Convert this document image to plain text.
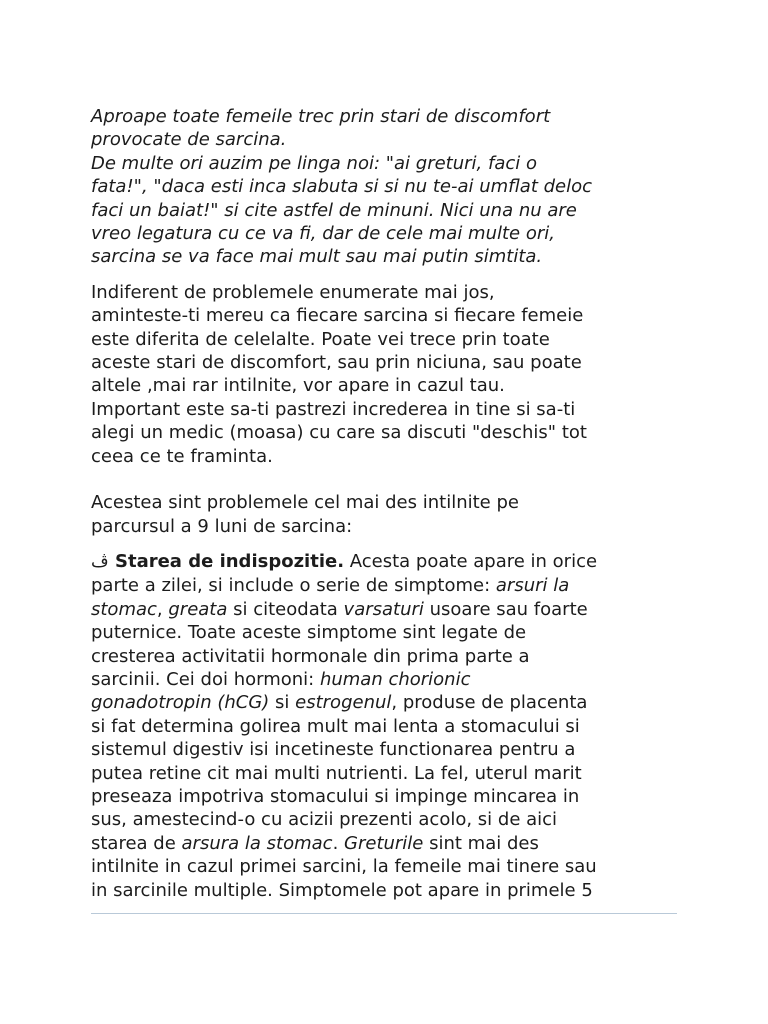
Aproape toate femeile trec prin stari de discomfort
provocate de sarcina.
De multe ori auzim pe linga noi: "ai greturi, faci o
fata!", "daca esti inca slabuta si si nu te-ai umflat deloc
faci un baiat!" si cite astfel de minuni. Nici una nu are
vreo legatura cu ce va fi, dar de cele mai multe ori,
sarcina se va face mai mult sau mai putin simtita.

Indiferent de problemele enumerate mai jos,
aminteste-ti mereu ca fiecare sarcina si fiecare femeie
este diferita de celelalte. Poate vei trece prin toate
aceste stari de discomfort, sau prin niciuna, sau poate
altele ,mai rar intilnite, vor apare in cazul tau.
Important este sa-ti pastrezi increderea in tine si sa-ti
alegi un medic (moasa) cu care sa discuti "deschis" tot
ceea ce te framinta.

Acestea sint problemele cel mai des intilnite pe
parcursul a 9 luni de sarcina:

ڤ Starea de indispozitie. Acesta poate apare in orice
parte a zilei, si include o serie de simptome: arsuri la
stomac, greata si citeodata varsaturi usoare sau foarte
puternice. Toate aceste simptome sint legate de
cresterea activitatii hormonale din prima parte a
sarcinii. Cei doi hormoni: human chorionic
gonadotropin (hCG) si estrogenul, produse de placenta
si fat determina golirea mult mai lenta a stomacului si
sistemul digestiv isi incetineste functionarea pentru a
putea retine cit mai multi nutrienti. La fel, uterul marit
preseaza impotriva stomacului si impinge mincarea in
sus, amestecind-o cu acizii prezenti acolo, si de aici
starea de arsura la stomac. Greturile sint mai des
intilnite in cazul primei sarcini, la femeile mai tinere sau
in sarcinile multiple. Simptomele pot apare in primele 5
